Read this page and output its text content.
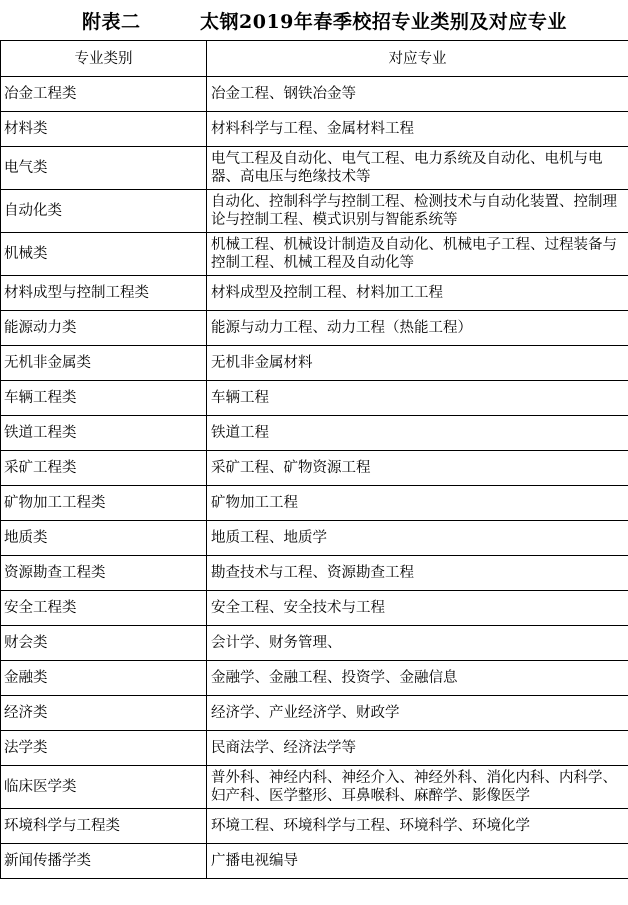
附表二	太钢2019年春季校招专业类别及对应专业
专业类别	对应专业

冶金工程类	冶金工程、钢铁冶金等

材料类	材料科学与工程、金属材料工程

电气类	电气工程及自动化、电气工程、电力系统及自动化、电机与电器、高电压与绝缘技术等

自动化类	自动化、控制科学与控制工程、检测技术与自动化装置、控制理论与控制工程、模式识别与智能系统等

机械类	机械工程、机械设计制造及自动化、机械电子工程、过程装备与控制工程、机械工程及自动化等

材料成型与控制工程类	材料成型及控制工程、材料加工工程

能源动力类	能源与动力工程、动力工程（热能工程）

无机非金属类	无机非金属材料

车辆工程类	车辆工程

铁道工程类	铁道工程

采矿工程类	采矿工程、矿物资源工程

矿物加工工程类	矿物加工工程

地质类	地质工程、地质学

资源勘查工程类	勘查技术与工程、资源勘查工程

安全工程类	安全工程、安全技术与工程

财会类	会计学、财务管理、

金融类	金融学、金融工程、投资学、金融信息

经济类	经济学、产业经济学、财政学

法学类	民商法学、经济法学等

临床医学类	普外科、神经内科、神经介入、神经外科、消化内科、内科学、妇产科、医学整形、耳鼻喉科、麻醉学、影像医学

环境科学与工程类	环境工程、环境科学与工程、环境科学、环境化学

新闻传播学类	广播电视编导
